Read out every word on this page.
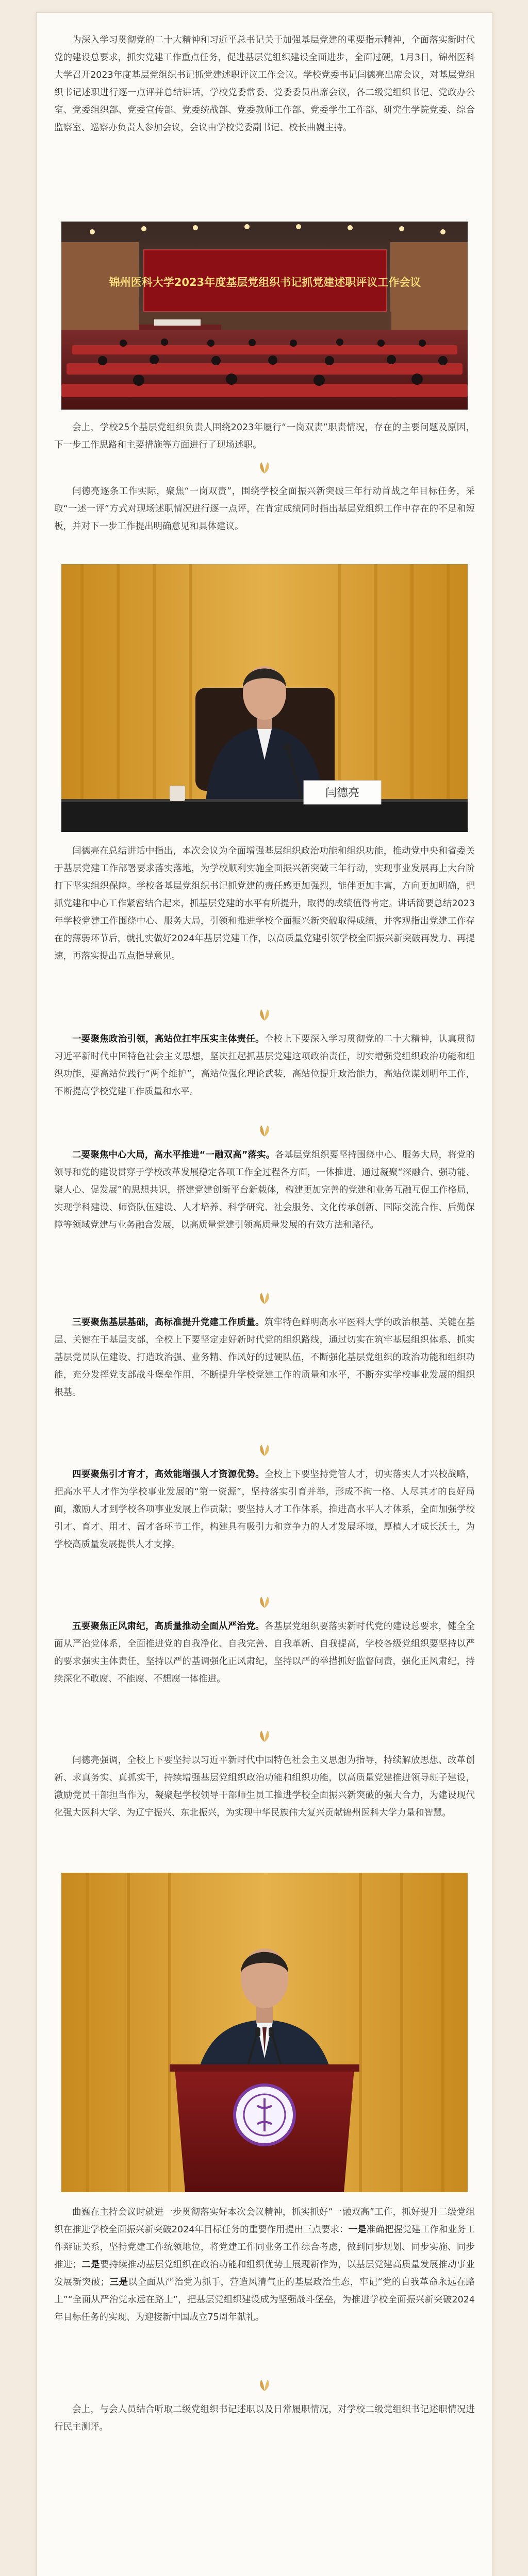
为深入学习贯彻党的二十大精神和习近平总书记关于加强基层党建的重要指示精神，全面落实新时代党的建设总要求，抓实党建工作重点任务，促进基层党组织建设全面进步，全面过硬，1月3日，锦州医科大学召开2023年度基层党组织书记抓党建述职评议工作会议。学校党委书记闫德亮出席会议，对基层党组织书记述职进行逐一点评并总结讲话，学校党委常委、党委委员出席会议，各二级党组织书记、党政办公室、党委组织部、党委宣传部、党委统战部、党委教师工作部、党委学生工作部、研究生学院党委、综合监察室、巡察办负责人参加会议，会议由学校党委副书记、校长曲巍主持。

锦州医科大学2023年度基层党组织书记抓党建述职评议工作会议

会上，学校25个基层党组织负责人围绕2023年履行“一岗双责”职责情况，存在的主要问题及原因，下一步工作思路和主要措施等方面进行了现场述职。

闫德亮逐条工作实际，聚焦“一岗双责”，围绕学校全面振兴新突破三年行动首战之年目标任务，采取“一述一评”方式对现场述职情况进行逐一点评，在肯定成绩同时指出基层党组织工作中存在的不足和短板，并对下一步工作提出明确意见和具体建议。

闫德亮

闫德亮在总结讲话中指出，本次会议为全面增强基层组织政治功能和组织功能，推动党中央和省委关于基层党建工作部署要求落实落地，为学校顺利实施全面振兴新突破三年行动，实现事业发展再上大台阶打下坚实组织保障。学校各基层党组织书记抓党建的责任感更加强烈，能伴更加丰富，方向更加明确，把抓党建和中心工作紧密结合起来，抓基层党建的水平有所提升，取得的成绩值得肯定。讲话简要总结2023年学校党建工作围绕中心、服务大局，引领和推进学校全面振兴新突破取得成绩，并客观指出党建工作存在的薄弱环节后，就扎实做好2024年基层党建工作，以高质量党建引领学校全面振兴新突破再发力、再提速，再落实提出五点指导意见。

一要聚焦政治引领，高站位扛牢压实主体责任。全校上下要深入学习贯彻党的二十大精神，认真贯彻习近平新时代中国特色社会主义思想，坚决扛起抓基层党建这项政治责任，切实增强党组织政治功能和组织功能，要高站位践行“两个维护”，高站位强化理论武装，高站位提升政治能力，高站位谋划明年工作，不断提高学校党建工作质量和水平。

二要聚焦中心大局，高水平推进“一融双高”落实。各基层党组织要坚持围绕中心、服务大局，将党的领导和党的建设贯穿于学校改革发展稳定各项工作全过程各方面，一体推进，通过凝聚“深融合、强功能、聚人心、促发展”的思想共识，搭建党建创新平台新载体，构建更加完善的党建和业务互融互促工作格局，实现学科建设、师资队伍建设、人才培养、科学研究、社会服务、文化传承创新、国际交流合作、后勤保障等领域党建与业务融合发展，以高质量党建引领高质量发展的有效方法和路径。

三要聚焦基层基础，高标准提升党建工作质量。筑牢特色鲜明高水平医科大学的政治根基、关键在基层、关键在于基层支部，全校上下要坚定走好新时代党的组织路线，通过切实在筑牢基层组织体系、抓实基层党员队伍建设、打造政治强、业务精、作风好的过硬队伍，不断强化基层党组织的政治功能和组织功能，充分发挥党支部战斗堡垒作用，不断提升学校党建工作的质量和水平，不断夯实学校事业发展的组织根基。

四要聚焦引才育才，高效能增强人才资源优势。全校上下要坚持党管人才，切实落实人才兴校战略，把高水平人才作为学校事业发展的“第一资源”，坚持落实引育并举，形成不拘一格、人尽其才的良好局面，激励人才到学校各项事业发展上作贡献；要坚持人才工作体系，推进高水平人才体系，全面加强学校引才、育才、用才、留才各环节工作，构建具有吸引力和竞争力的人才发展环境，厚植人才成长沃土，为学校高质量发展提供人才支撑。

五要聚焦正风肃纪，高质量推动全面从严治党。各基层党组织要落实新时代党的建设总要求，健全全面从严治党体系，全面推进党的自我净化、自我完善、自我革新、自我提高，学校各级党组织要坚持以严的要求强实主体责任，坚持以严的基调强化正风肃纪，坚持以严的举措抓好监督问责，强化正风肃纪，持续深化不敢腐、不能腐、不想腐一体推进。

闫德亮强调，全校上下要坚持以习近平新时代中国特色社会主义思想为指导，持续解放思想、改革创新、求真务实、真抓实干，持续增强基层党组织政治功能和组织功能，以高质量党建推进领导班子建设，激励党员干部担当作为，凝聚起学校领导干部师生员工推进学校全面振兴新突破的强大合力，为建设现代化强大医科大学、为辽宁振兴、东北振兴，为实现中华民族伟大复兴贡献锦州医科大学力量和智慧。

曲巍在主持会议时就进一步贯彻落实好本次会议精神，抓实抓好“一融双高”工作，抓好提升二级党组织在推进学校全面振兴新突破2024年目标任务的重要作用提出三点要求：一是准确把握党建工作和业务工作辩证关系，坚持党建工作统领地位，将党建工作同业务工作综合考虑，做到同步规划、同步实施、同步推进；二是要持续推动基层党组织在政治功能和组织优势上展现新作为，以基层党建高质量发展推动事业发展新突破；三是以全面从严治党为抓手，营造风清气正的基层政治生态，牢记“党的自我革命永远在路上”“全面从严治党永远在路上”，把基层党组织建设成为坚强战斗堡垒，为推进学校全面振兴新突破2024年目标任务的实现、为迎接新中国成立75周年献礼。

会上，与会人员结合听取二级党组织书记述职以及日常履职情况，对学校二级党组织书记述职情况进行民主测评。
